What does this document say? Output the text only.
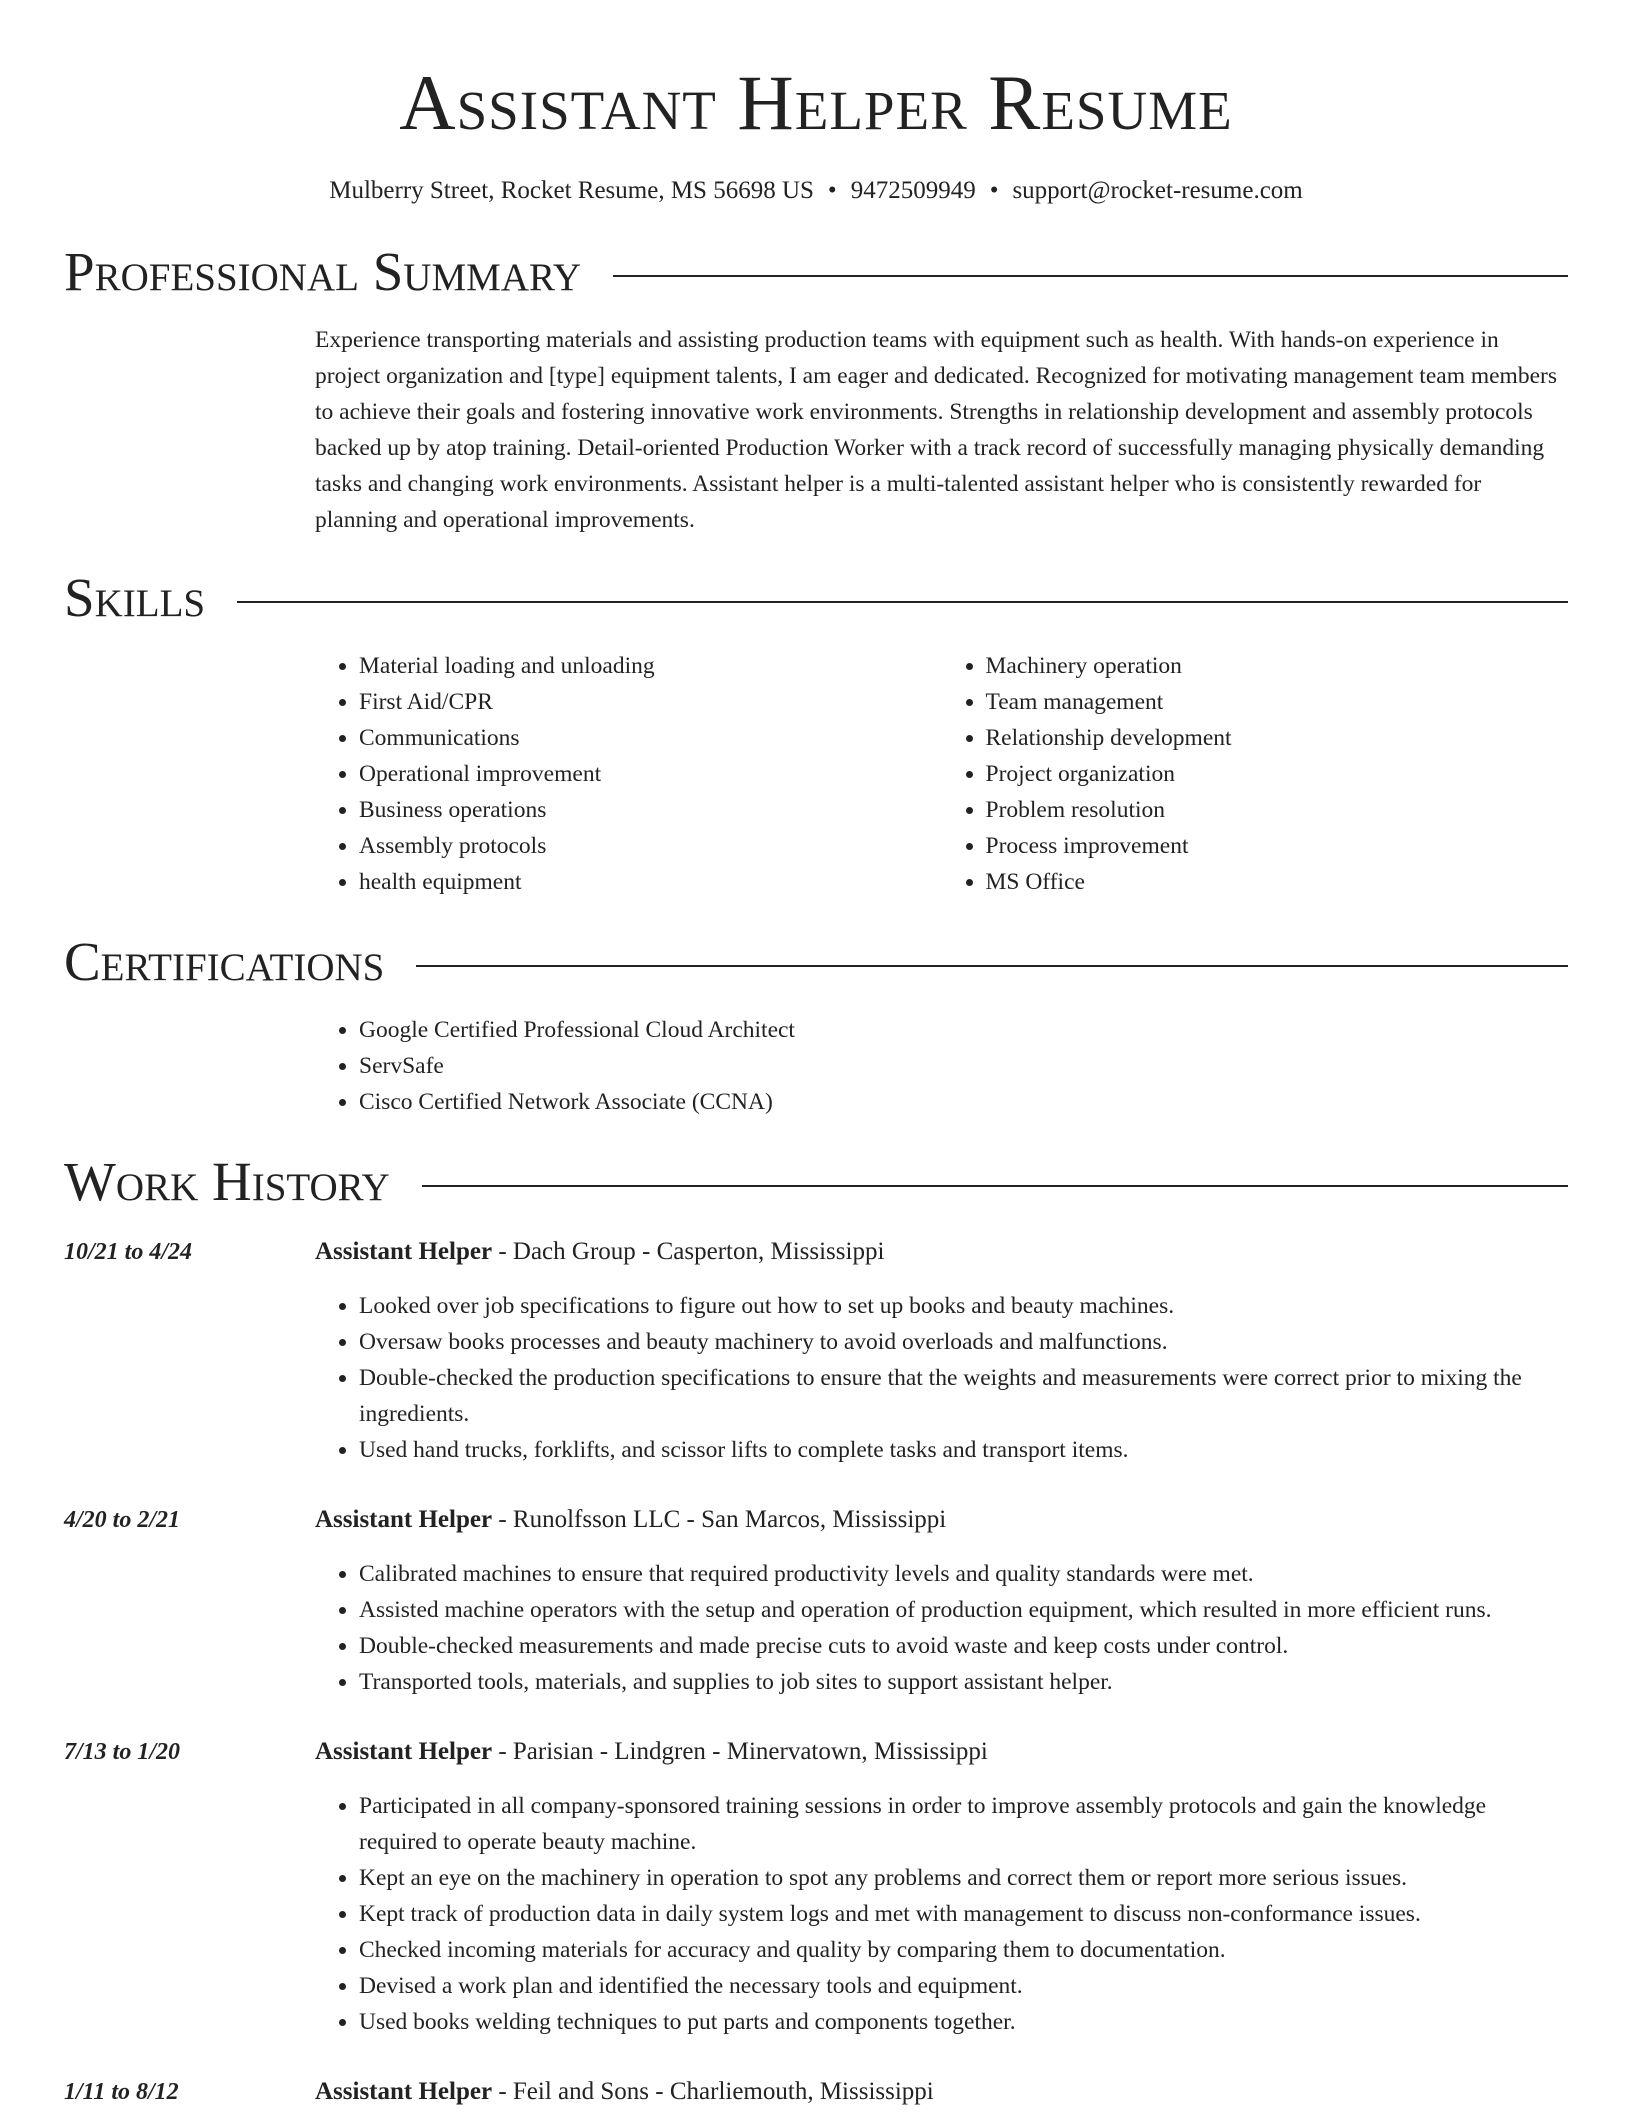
Assistant Helper Resume
Mulberry Street, Rocket Resume, MS 56698 US • 9472509949 • support@rocket-resume.com
Professional Summary
Experience transporting materials and assisting production teams with equipment such as health. With hands-on experience in project organization and [type] equipment talents, I am eager and dedicated. Recognized for motivating management team members to achieve their goals and fostering innovative work environments. Strengths in relationship development and assembly protocols backed up by atop training. Detail-oriented Production Worker with a track record of successfully managing physically demanding tasks and changing work environments. Assistant helper is a multi-talented assistant helper who is consistently rewarded for planning and operational improvements.
Skills
• Material loading and unloading
• First Aid/CPR
• Communications
• Operational improvement
• Business operations
• Assembly protocols
• health equipment
• Machinery operation
• Team management
• Relationship development
• Project organization
• Problem resolution
• Process improvement
• MS Office
Certifications
• Google Certified Professional Cloud Architect
• ServSafe
• Cisco Certified Network Associate (CCNA)
Work History
10/21 to 4/24	Assistant Helper - Dach Group - Casperton, Mississippi
• Looked over job specifications to figure out how to set up books and beauty machines.
• Oversaw books processes and beauty machinery to avoid overloads and malfunctions.
• Double-checked the production specifications to ensure that the weights and measurements were correct prior to mixing the ingredients.
• Used hand trucks, forklifts, and scissor lifts to complete tasks and transport items.
4/20 to 2/21	Assistant Helper - Runolfsson LLC - San Marcos, Mississippi
• Calibrated machines to ensure that required productivity levels and quality standards were met.
• Assisted machine operators with the setup and operation of production equipment, which resulted in more efficient runs.
• Double-checked measurements and made precise cuts to avoid waste and keep costs under control.
• Transported tools, materials, and supplies to job sites to support assistant helper.
7/13 to 1/20	Assistant Helper - Parisian - Lindgren - Minervatown, Mississippi
• Participated in all company-sponsored training sessions in order to improve assembly protocols and gain the knowledge required to operate beauty machine.
• Kept an eye on the machinery in operation to spot any problems and correct them or report more serious issues.
• Kept track of production data in daily system logs and met with management to discuss non-conformance issues.
• Checked incoming materials for accuracy and quality by comparing them to documentation.
• Devised a work plan and identified the necessary tools and equipment.
• Used books welding techniques to put parts and components together.
1/11 to 8/12	Assistant Helper - Feil and Sons - Charliemouth, Mississippi
